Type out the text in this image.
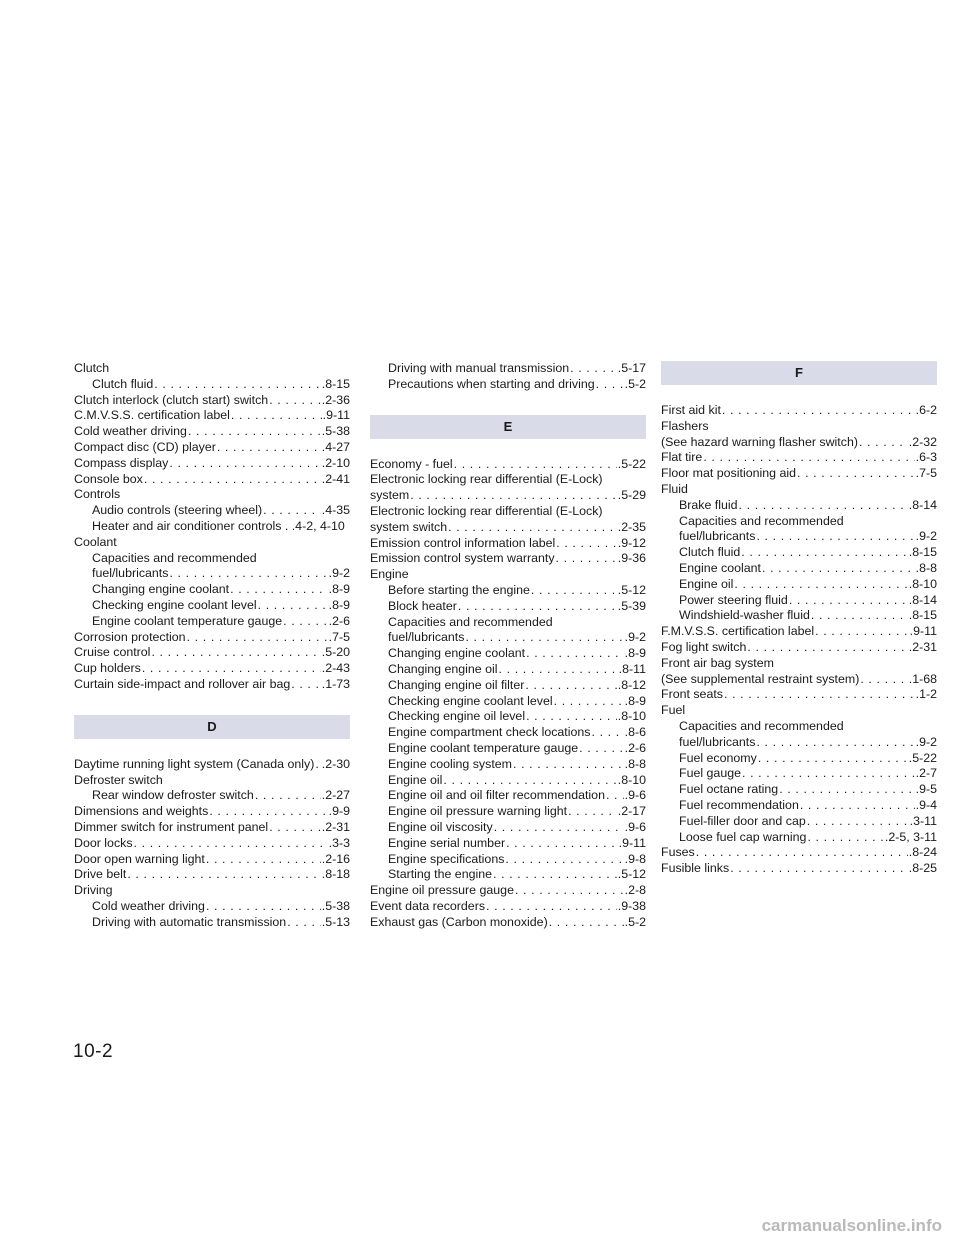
Clutch
Clutch fluid . . .	.8-15
Clutch interlock (clutch start) switch . . .	.2-36
C.M.V.S.S. certification label . . .	.9-11
Cold weather driving . . .	.5-38
Compact disc (CD) player . . .	.4-27
Compass display . . .	.2-10
Console box . . .	.2-41
Controls
Audio controls (steering wheel) . . .	.4-35
Heater and air conditioner controls . .4-2, 4-10
Coolant
Capacities and recommended
fuel/lubricants . . .	.9-2
Changing engine coolant . . .	.8-9
Checking engine coolant level . . .	.8-9
Engine coolant temperature gauge . . .	.2-6
Corrosion protection . . .	.7-5
Cruise control . . .	.5-20
Cup holders . . .	.2-43
Curtain side-impact and rollover air bag . . .	.1-73
D
Daytime running light system (Canada only) . . . .2-30
Defroster switch
Rear window defroster switch . . .	.2-27
Dimensions and weights . . .	.9-9
Dimmer switch for instrument panel . . .	.2-31
Door locks . . .	.3-3
Door open warning light . . .	.2-16
Drive belt . . .	.8-18
Driving
Cold weather driving . . .	.5-38
Driving with automatic transmission . . .	.5-13
Driving with manual transmission . . .	.5-17
Precautions when starting and driving . . . .5-2
E
Economy - fuel . . .	.5-22
Electronic locking rear differential (E-Lock)
system . . .	.5-29
Electronic locking rear differential (E-Lock)
system switch . . .	.2-35
Emission control information label . . .	.9-12
Emission control system warranty . . .	.9-36
Engine
Before starting the engine . . .	.5-12
Block heater . . .	.5-39
Capacities and recommended
fuel/lubricants . . .	.9-2
Changing engine coolant . . .	.8-9
Changing engine oil . . .	.8-11
Changing engine oil filter . . .	.8-12
Checking engine coolant level . . .	.8-9
Checking engine oil level . . .	.8-10
Engine compartment check locations . . .	.8-6
Engine coolant temperature gauge . . .	.2-6
Engine cooling system . . .	.8-8
Engine oil . . .	.8-10
Engine oil and oil filter recommendation . . . .9-6
Engine oil pressure warning light . . .	.2-17
Engine oil viscosity . . .	.9-6
Engine serial number . . .	.9-11
Engine specifications . . .	.9-8
Starting the engine . . .	.5-12
Engine oil pressure gauge . . .	.2-8
Event data recorders . . .	.9-38
Exhaust gas (Carbon monoxide) . . .	.5-2
F
First aid kit . . .	.6-2
Flashers
(See hazard warning flasher switch) . . .	.2-32
Flat tire . . .	.6-3
Floor mat positioning aid . . .	.7-5
Fluid
Brake fluid . . .	.8-14
Capacities and recommended
fuel/lubricants . . .	.9-2
Clutch fluid . . .	.8-15
Engine coolant . . .	.8-8
Engine oil . . .	.8-10
Power steering fluid . . .	.8-14
Windshield-washer fluid . . .	.8-15
F.M.V.S.S. certification label . . .	.9-11
Fog light switch . . .	.2-31
Front air bag system
(See supplemental restraint system) . . .	.1-68
Front seats . . .	.1-2
Fuel
Capacities and recommended
fuel/lubricants . . .	.9-2
Fuel economy . . .	.5-22
Fuel gauge . . .	.2-7
Fuel octane rating . . .	.9-5
Fuel recommendation . . .	.9-4
Fuel-filler door and cap . . .	.3-11
Loose fuel cap warning . . .	.2-5, 3-11
Fuses . . .	.8-24
Fusible links . . .	.8-25
10-2
carmanualsonline.info
